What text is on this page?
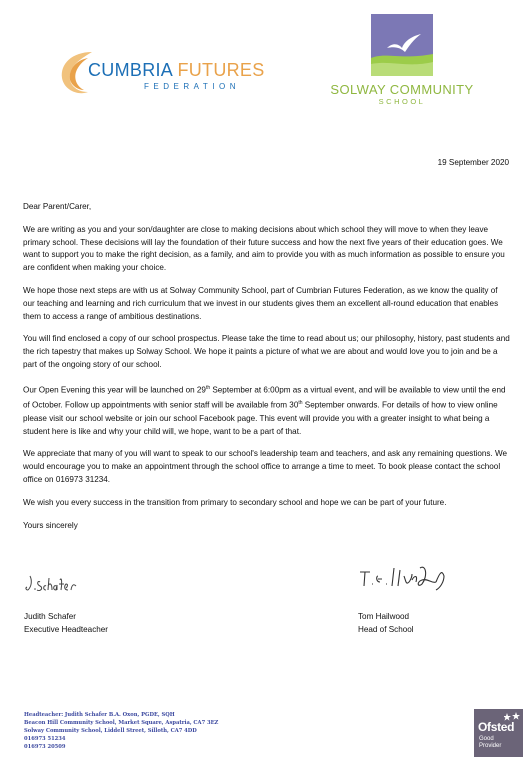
CUMBRIA FUTURES
FEDERATION	SOLWAY COMMUNITY
SCHOOL
19 September 2020

Dear Parent/Carer,

We are writing as you and your son/daughter are close to making decisions about which school they will move to when they leave primary school. These decisions will lay the foundation of their future success and how the next five years of their education goes. We want to support you to make the right decision, as a family, and aim to provide you with as much information as possible to ensure you are confident when making your choice.

We hope those next steps are with us at Solway Community School, part of Cumbrian Futures Federation, as we know the quality of our teaching and learning and rich curriculum that we invest in our students gives them an excellent all-round education that enables them to access a range of ambitious destinations.

You will find enclosed a copy of our school prospectus. Please take the time to read about us; our philosophy, history, past students and the rich tapestry that makes up Solway School. We hope it paints a picture of what we are about and would love you to join and be a part of the ongoing story of our school.

Our Open Evening this year will be launched on 29th September at 6:00pm as a virtual event, and will be available to view until the end of October. Follow up appointments with senior staff will be available from 30th September onwards. For details of how to view online please visit our school website or join our school Facebook page. This event will provide you with a greater insight to what being a student here is like and why your child will, we hope, want to be a part of that.

We appreciate that many of you will want to speak to our school's leadership team and teachers, and ask any remaining questions. We would encourage you to make an appointment through the school office to arrange a time to meet. To book please contact the school office on 016973 31234.

We wish you every success in the transition from primary to secondary school and hope we can be part of your future.

Yours sincerely

Judith Schafer
Executive Headteacher
Tom Hailwood
Head of School
Headteacher: Judith Schafer B.A. Oxon, PGDE, SQH
Beacon Hill Community School, Market Square, Aspatria, CA7 3EZ
Solway Community School, Liddell Street, Silloth, CA7 4DD
016973 51234
016973 20509
Ofsted
Good
Provider
